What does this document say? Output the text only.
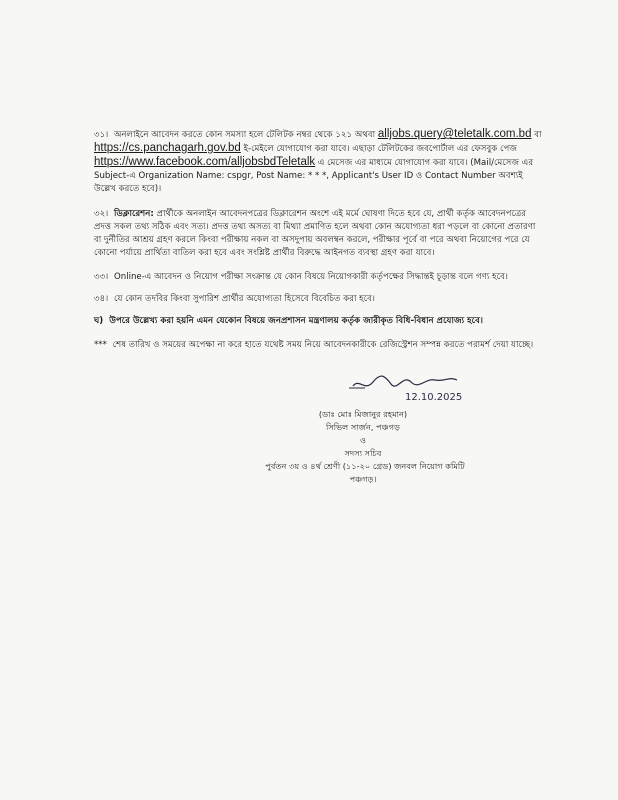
৩১। অনলাইনে আবেদন করতে কোন সমস্যা হলে টেলিটক নম্বর থেকে ১২১ অথবা alljobs.query@teletalk.com.bd বা https://cs.panchagarh.gov.bd ই-মেইলে যোগাযোগ করা যাবে। এছাড়া টেলিটকের জবপোর্টাল এর ফেসবুক পেজ https://www.facebook.com/alljobsbdTeletalk এ মেসেজ এর মাধ্যমে যোগাযোগ করা যাবে। (Mail/মেসেজ এর Subject-এ Organization Name: cspgr, Post Name: * * *, Applicant's User ID ও Contact Number অবশ্যই উল্লেখ করতে হবে)।
৩২। ডিক্লারেশন: প্রার্থীকে অনলাইন আবেদনপত্রের ডিক্লারেশন অংশে এই মর্মে ঘোষণা দিতে হবে যে, প্রার্থী কর্তৃক আবেদনপত্রের প্রদত্ত সকল তথ্য সঠিক এবং সত্য। প্রদত্ত তথ্য অসত্য বা মিথ্যা প্রমাণিত হলে অথবা কোন অযোগ্যতা ধরা পড়লে বা কোনো প্রতারণা বা দুর্নীতির আশ্রয় গ্রহণ করলে কিংবা পরীক্ষায় নকল বা অসদুপায় অবলম্বন করলে, পরীক্ষার পূর্বে বা পরে অথবা নিয়োগের পরে যে কোনো পর্যায়ে প্রার্থিতা বাতিল করা হবে এবং সংশ্লিষ্ট প্রার্থীর বিরুদ্ধে আইনগত ব্যবস্থা গ্রহণ করা যাবে।
৩৩। Online-এ আবেদন ও নিয়োগ পরীক্ষা সংক্রান্ত যে কোন বিষয়ে নিয়োগকারী কর্তৃপক্ষের সিদ্ধান্তই চূড়ান্ত বলে গণ্য হবে।
৩৪। যে কোন তদবির কিংবা সুপারিশ প্রার্থীর অযোগ্যতা হিসেবে বিবেচিত করা হবে।
ঘ) উপরে উল্লেখ্য করা হয়নি এমন যেকোন বিষয়ে জনপ্রশাসন মন্ত্রণালয় কর্তৃক জারীকৃত বিধি-বিধান প্রযোজ্য হবে।
*** শেষ তারিখ ও সময়ের অপেক্ষা না করে হাতে যথেষ্ট সময় নিয়ে আবেদনকারীকে রেজিস্ট্রেশন সম্পন্ন করতে পরামর্শ দেয়া যাচ্ছে।
12.10.2025
(ডাঃ মোঃ মিজানুর রহমান)
সিভিল সার্জন, পঞ্চগড়
ও
সদস্য সচিব
পুর্বতন ৩য় ও ৪র্থ শ্রেণী (১১-২০ গ্রেড) জনবল নিয়োগ কমিটি
পঞ্চগড়।
